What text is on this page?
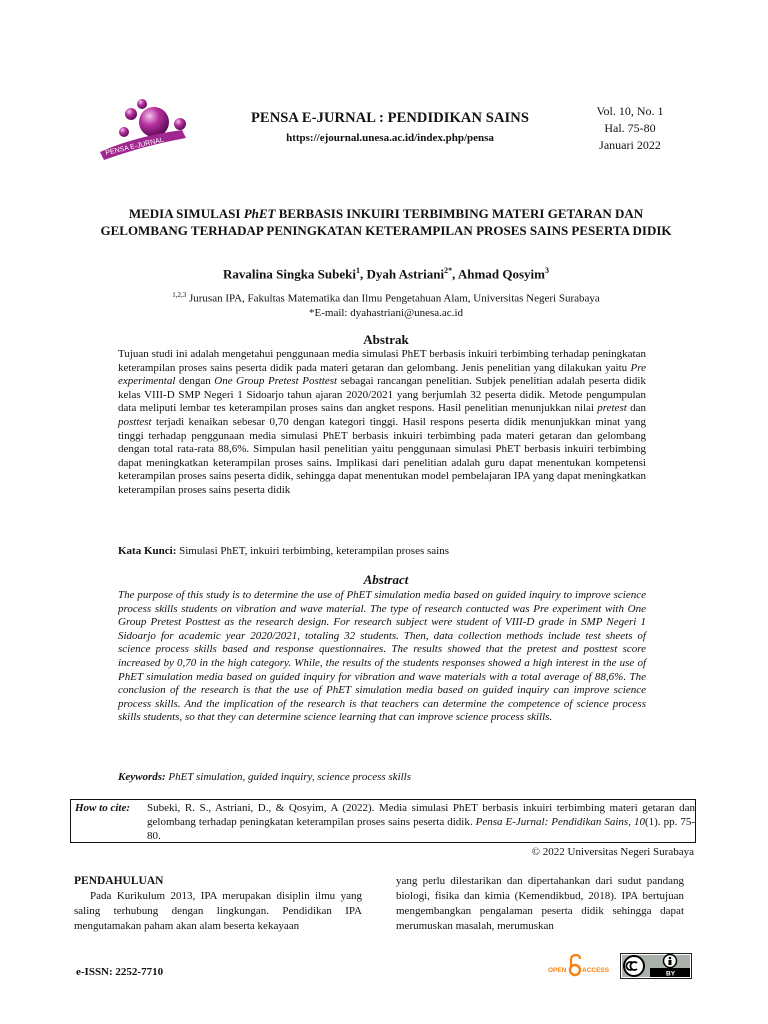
PENSA E-JURNAL
PENSA E-JURNAL : PENDIDIKAN SAINS
https://ejournal.unesa.ac.id/index.php/pensa
Vol. 10, No. 1
Hal. 75-80
Januari 2022
MEDIA SIMULASI PhET BERBASIS INKUIRI TERBIMBING MATERI GETARAN DAN GELOMBANG TERHADAP PENINGKATAN KETERAMPILAN PROSES SAINS PESERTA DIDIK
Ravalina Singka Subeki$^1$, Dyah Astriani$^{2*}$, Ahmad Qosyim$^3$
$^{1,2,3}$ Jurusan IPA, Fakultas Matematika dan Ilmu Pengetahuan Alam, Universitas Negeri Surabaya
*E-mail: dyahastriani@unesa.ac.id
Abstrak
Tujuan studi ini adalah mengetahui penggunaan media simulasi PhET berbasis inkuiri terbimbing terhadap peningkatan keterampilan proses sains peserta didik pada materi getaran dan gelombang. Jenis penelitian yang dilakukan yaitu Pre experimental dengan One Group Pretest Posttest sebagai rancangan penelitian. Subjek penelitian adalah peserta didik kelas VIII-D SMP Negeri 1 Sidoarjo tahun ajaran 2020/2021 yang berjumlah 32 peserta didik. Metode pengumpulan data meliputi lembar tes keterampilan proses sains dan angket respons. Hasil penelitian menunjukkan nilai pretest dan posttest terjadi kenaikan sebesar 0,70 dengan kategori tinggi. Hasil respons peserta didik menunjukkan minat yang tinggi terhadap penggunaan media simulasi PhET berbasis inkuiri terbimbing pada materi getaran dan gelombang dengan total rata-rata 88,6%. Simpulan hasil penelitian yaitu penggunaan simulasi PhET berbasis inkuiri terbimbing dapat meningkatkan keterampilan proses sains. Implikasi dari penelitian adalah guru dapat menentukan kompetensi keterampilan proses sains peserta didik, sehingga dapat menentukan model pembelajaran IPA yang dapat meningkatkan keterampilan proses sains peserta didik
Kata Kunci: Simulasi PhET, inkuiri terbimbing, keterampilan proses sains
Abstract
The purpose of this study is to determine the use of PhET simulation media based on guided inquiry to improve science process skills students on vibration and wave material. The type of research contucted was Pre experiment with One Group Pretest Posttest as the research design. For research subject were student of VIII-D grade in SMP Negeri 1 Sidoarjo for academic year 2020/2021, totaling 32 students. Then, data collection methods include test sheets of science process skills based and response questionnaires. The results showed that the pretest and posttest score increased by 0,70 in the high category. While, the results of the students responses showed a high interest in the use of PhET simulation media based on guided inquiry for vibration and wave materials with a total average of 88,6%. The conclusion of the research is that the use of PhET simulation media based on guided inquiry can improve science process skills. And the implication of the research is that teachers can determine the competence of science process skills students, so that they can determine science learning that can improve science process skills.
Keywords: PhET simulation, guided inquiry, science process skills
How to cite: Subeki, R. S., Astriani, D., & Qosyim, A (2022). Media simulasi PhET berbasis inkuiri terbimbing materi getaran dan gelombang terhadap peningkatan keterampilan proses sains peserta didik. Pensa E-Jurnal: Pendidikan Sains, 10(1). pp. 75-80.
© 2022 Universitas Negeri Surabaya
PENDAHULUAN
Pada Kurikulum 2013, IPA merupakan disiplin ilmu yang saling terhubung dengan lingkungan. Pendidikan IPA mengutamakan paham akan alam beserta kekayaan
yang perlu dilestarikan dan dipertahankan dari sudut pandang biologi, fisika dan kimia (Kemendikbud, 2018). IPA bertujuan mengembangkan pengalaman peserta didik sehingga dapat merumuskan masalah, merumuskan
e-ISSN: 2252-7710	OPEN ACCESS	BY
